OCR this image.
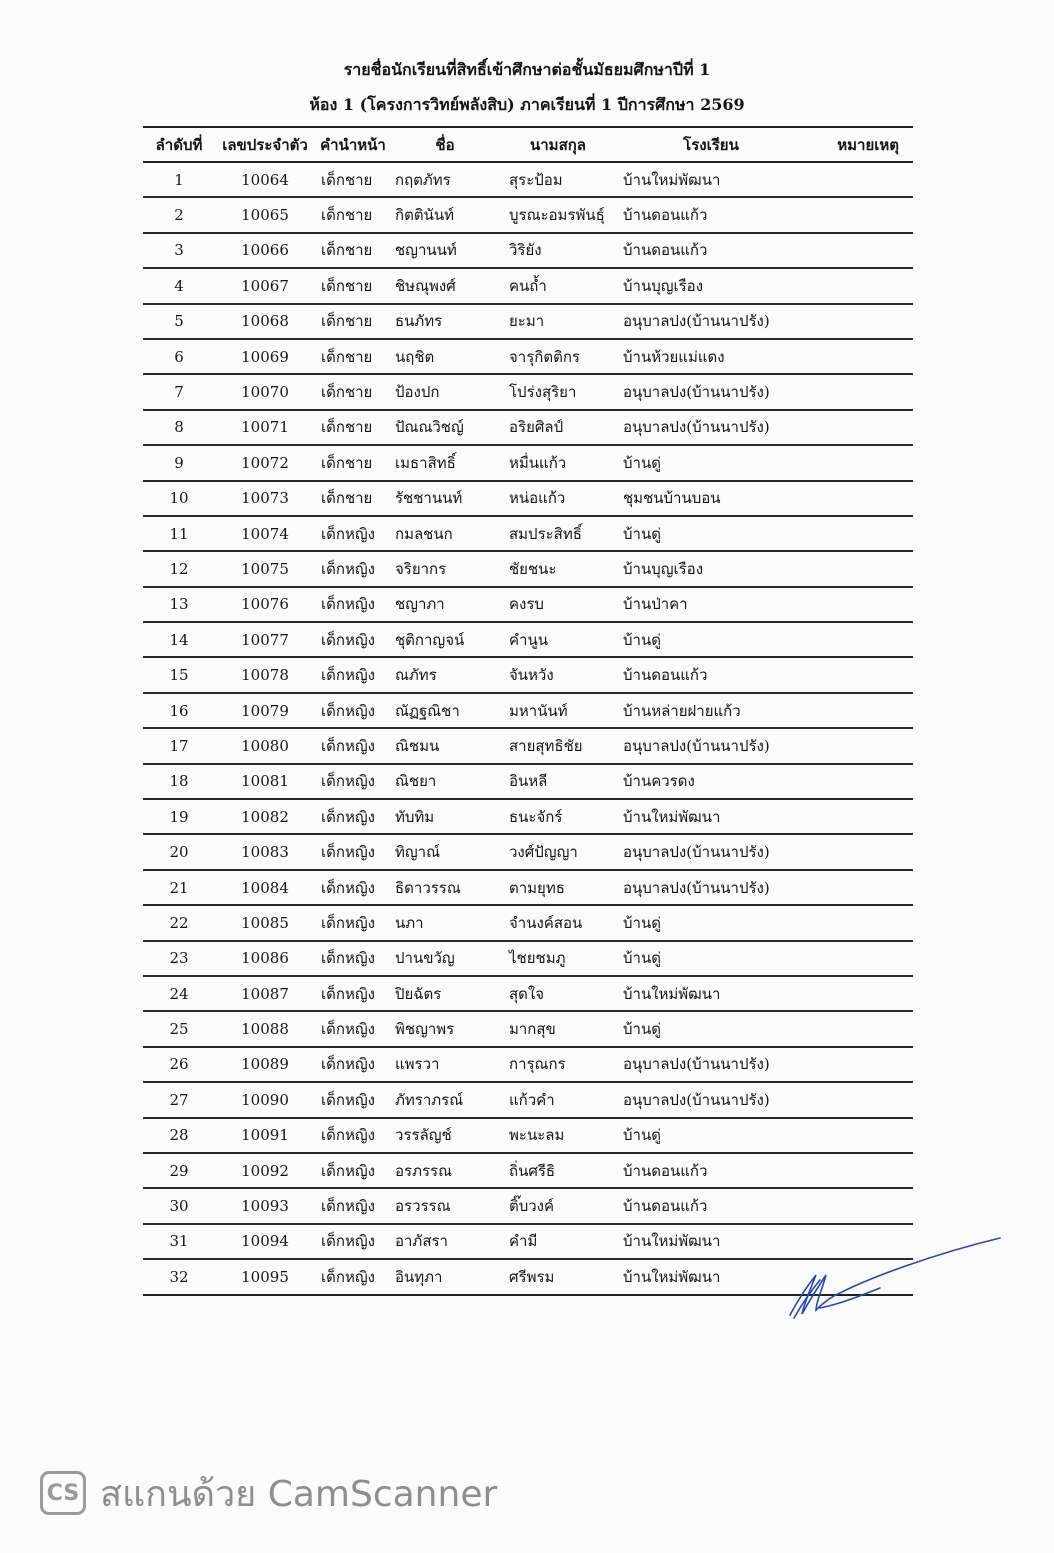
รายชื่อนักเรียนที่สิทธิ์เข้าศึกษาต่อชั้นมัธยมศึกษาปีที่ 1
ห้อง 1 (โครงการวิทย์พลังสิบ) ภาคเรียนที่ 1 ปีการศึกษา 2569
ลำดับที่	เลขประจำตัว	คำนำหน้า	ชื่อ	นามสกุล	โรงเรียน	หมายเหตุ
1	10064	เด็กชาย	กฤตภัทร	สุระป้อม	บ้านใหม่พัฒนา	
2	10065	เด็กชาย	กิตตินันท์	บูรณะอมรพันธุ์	บ้านดอนแก้ว	
3	10066	เด็กชาย	ชญานนท์	วิริยัง	บ้านดอนแก้ว	
4	10067	เด็กชาย	ชิษณุพงศ์	คนถ้ำ	บ้านบุญเรือง	
5	10068	เด็กชาย	ธนภัทร	ยะมา	อนุบาลปง(บ้านนาปรัง)	
6	10069	เด็กชาย	นฤชิต	จารุกิตติกร	บ้านห้วยแม่แดง	
7	10070	เด็กชาย	ป้องปก	โปร่งสุริยา	อนุบาลปง(บ้านนาปรัง)	
8	10071	เด็กชาย	ปัณณวิชญ์	อริยศิลป์	อนุบาลปง(บ้านนาปรัง)	
9	10072	เด็กชาย	เมธาสิทธิ์	หมื่นแก้ว	บ้านดู่	
10	10073	เด็กชาย	รัชชานนท์	หน่อแก้ว	ชุมชนบ้านบอน	
11	10074	เด็กหญิง	กมลชนก	สมประสิทธิ์	บ้านดู่	
12	10075	เด็กหญิง	จริยากร	ชัยชนะ	บ้านบุญเรือง	
13	10076	เด็กหญิง	ชญาภา	คงรบ	บ้านป่าคา	
14	10077	เด็กหญิง	ชุติกาญจน์	คำนูน	บ้านดู่	
15	10078	เด็กหญิง	ณภัทร	จันหวัง	บ้านดอนแก้ว	
16	10079	เด็กหญิง	ณัฏฐณิชา	มหานันท์	บ้านหล่ายฝายแก้ว	
17	10080	เด็กหญิง	ณิชมน	สายสุทธิชัย	อนุบาลปง(บ้านนาปรัง)	
18	10081	เด็กหญิง	ณิชยา	อินหลี	บ้านควรดง	
19	10082	เด็กหญิง	ทับทิม	ธนะจักร์	บ้านใหม่พัฒนา	
20	10083	เด็กหญิง	ทิญาณ์	วงศ์ปัญญา	อนุบาลปง(บ้านนาปรัง)	
21	10084	เด็กหญิง	ธิดาวรรณ	ตามยุทธ	อนุบาลปง(บ้านนาปรัง)	
22	10085	เด็กหญิง	นภา	จำนงค์สอน	บ้านดู่	
23	10086	เด็กหญิง	ปานขวัญ	ไชยชมภู	บ้านดู่	
24	10087	เด็กหญิง	ปิยฉัตร	สุดใจ	บ้านใหม่พัฒนา	
25	10088	เด็กหญิง	พิชญาพร	มากสุข	บ้านดู่	
26	10089	เด็กหญิง	แพรวา	การุณกร	อนุบาลปง(บ้านนาปรัง)	
27	10090	เด็กหญิง	ภัทราภรณ์	แก้วคำ	อนุบาลปง(บ้านนาปรัง)	
28	10091	เด็กหญิง	วรรลัญช์	พะนะลม	บ้านดู่	
29	10092	เด็กหญิง	อรภรรณ	ถิ่นศรีธิ	บ้านดอนแก้ว	
30	10093	เด็กหญิง	อรวรรณ	ติ๊บวงค์	บ้านดอนแก้ว	
31	10094	เด็กหญิง	อาภัสรา	คำมี	บ้านใหม่พัฒนา	
32	10095	เด็กหญิง	อินทุภา	ศรีพรม	บ้านใหม่พัฒนา	
CS สแกนด้วย CamScanner
